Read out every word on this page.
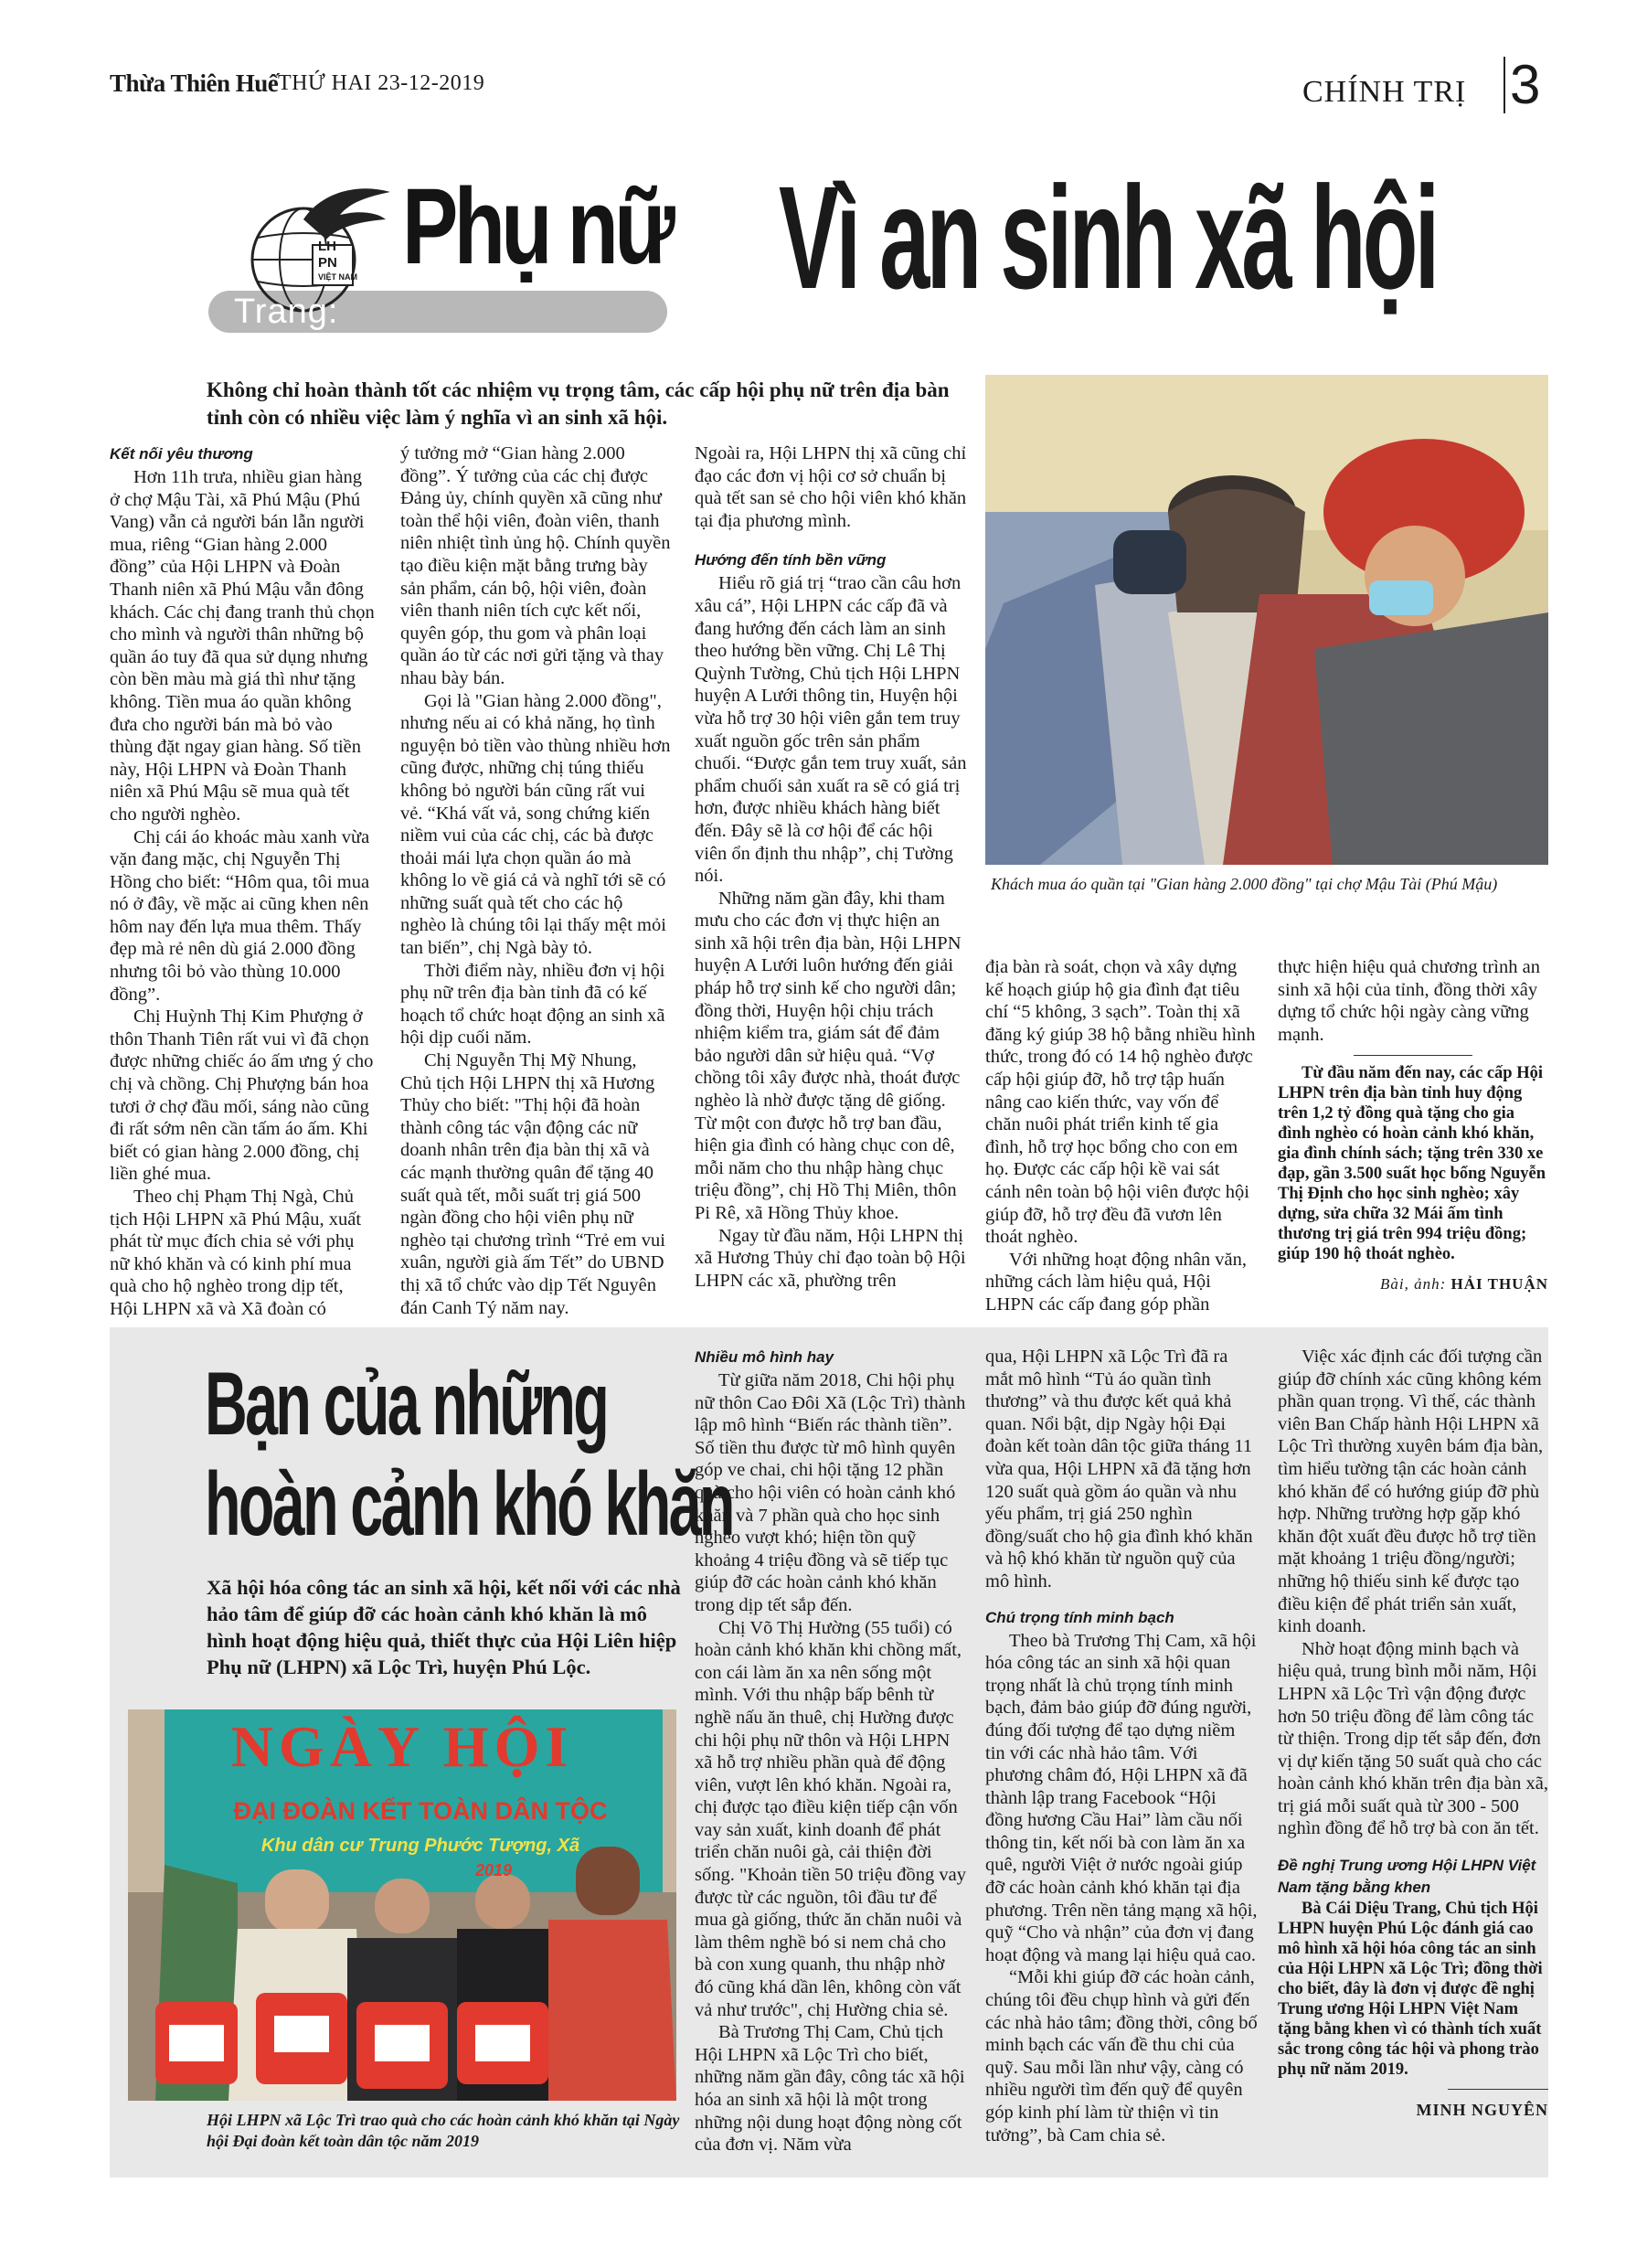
Thừa Thiên Huế THỨ HAI 23-12-2019	CHÍNH TRỊ 3
LH
PN
VIỆT NAM Phụ nữ
Trang:	Vì an sinh xã hội
Không chỉ hoàn thành tốt các nhiệm vụ trọng tâm, các cấp hội phụ nữ trên địa bàn tỉnh còn có nhiều việc làm ý nghĩa vì an sinh xã hội.
Khách mua áo quần tại "Gian hàng 2.000 đồng" tại chợ Mậu Tài (Phú Mậu)
Kết nối yêu thương

Hơn 11h trưa, nhiều gian hàng ở chợ Mậu Tài, xã Phú Mậu (Phú Vang) vẫn cả người bán lẫn người mua, riêng “Gian hàng 2.000 đồng” của Hội LHPN và Đoàn Thanh niên xã Phú Mậu vẫn đông khách. Các chị đang tranh thủ chọn cho mình và người thân những bộ quần áo tuy đã qua sử dụng nhưng còn bền màu mà giá thì như tặng không. Tiền mua áo quần không đưa cho người bán mà bỏ vào thùng đặt ngay gian hàng. Số tiền này, Hội LHPN và Đoàn Thanh niên xã Phú Mậu sẽ mua quà tết cho người nghèo.

Chị cái áo khoác màu xanh vừa vặn đang mặc, chị Nguyễn Thị Hồng cho biết: “Hôm qua, tôi mua nó ở đây, về mặc ai cũng khen nên hôm nay đến lựa mua thêm. Thấy đẹp mà rẻ nên dù giá 2.000 đồng nhưng tôi bỏ vào thùng 10.000 đồng”.

Chị Huỳnh Thị Kim Phượng ở thôn Thanh Tiên rất vui vì đã chọn được những chiếc áo ấm ưng ý cho chị và chồng. Chị Phượng bán hoa tươi ở chợ đầu mối, sáng nào cũng đi rất sớm nên cần tấm áo ấm. Khi biết có gian hàng 2.000 đồng, chị liền ghé mua.

Theo chị Phạm Thị Ngà, Chủ tịch Hội LHPN xã Phú Mậu, xuất phát từ mục đích chia sẻ với phụ nữ khó khăn và có kinh phí mua quà cho hộ nghèo trong dịp tết, Hội LHPN xã và Xã đoàn có

ý tưởng mở “Gian hàng 2.000 đồng”. Ý tưởng của các chị được Đảng ủy, chính quyền xã cũng như toàn thể hội viên, đoàn viên, thanh niên nhiệt tình ủng hộ. Chính quyền tạo điều kiện mặt bằng trưng bày sản phẩm, cán bộ, hội viên, đoàn viên thanh niên tích cực kết nối, quyên góp, thu gom và phân loại quần áo từ các nơi gửi tặng và thay nhau bày bán.

Gọi là "Gian hàng 2.000 đồng", nhưng nếu ai có khả năng, họ tình nguyện bỏ tiền vào thùng nhiều hơn cũng được, những chị túng thiếu không bỏ người bán cũng rất vui vẻ. “Khá vất vả, song chứng kiến niềm vui của các chị, các bà được thoải mái lựa chọn quần áo mà không lo về giá cả và nghĩ tới sẽ có những suất quà tết cho các hộ nghèo là chúng tôi lại thấy mệt mỏi tan biến”, chị Ngà bày tỏ.

Thời điểm này, nhiều đơn vị hội phụ nữ trên địa bàn tỉnh đã có kế hoạch tổ chức hoạt động an sinh xã hội dịp cuối năm.

Chị Nguyễn Thị Mỹ Nhung, Chủ tịch Hội LHPN thị xã Hương Thủy cho biết: "Thị hội đã hoàn thành công tác vận động các nữ doanh nhân trên địa bàn thị xã và các mạnh thường quân để tặng 40 suất quà tết, mỗi suất trị giá 500 ngàn đồng cho hội viên phụ nữ nghèo tại chương trình “Trẻ em vui xuân, người già ấm Tết” do UBND thị xã tổ chức vào dịp Tết Nguyên đán Canh Tý năm nay.

Ngoài ra, Hội LHPN thị xã cũng chỉ đạo các đơn vị hội cơ sở chuẩn bị quà tết san sẻ cho hội viên khó khăn tại địa phương mình.

Hướng đến tính bền vững

Hiểu rõ giá trị “trao cần câu hơn xâu cá”, Hội LHPN các cấp đã và đang hướng đến cách làm an sinh theo hướng bền vững. Chị Lê Thị Quỳnh Tường, Chủ tịch Hội LHPN huyện A Lưới thông tin, Huyện hội vừa hỗ trợ 30 hội viên gắn tem truy xuất nguồn gốc trên sản phẩm chuối. “Được gắn tem truy xuất, sản phẩm chuối sản xuất ra sẽ có giá trị hơn, được nhiều khách hàng biết đến. Đây sẽ là cơ hội để các hội viên ổn định thu nhập”, chị Tường nói.

Những năm gần đây, khi tham mưu cho các đơn vị thực hiện an sinh xã hội trên địa bàn, Hội LHPN huyện A Lưới luôn hướng đến giải pháp hỗ trợ sinh kế cho người dân; đồng thời, Huyện hội chịu trách nhiệm kiểm tra, giám sát để đảm bảo người dân sử hiệu quả. “Vợ chồng tôi xây được nhà, thoát được nghèo là nhờ được tặng dê giống. Từ một con được hỗ trợ ban đầu, hiện gia đình có hàng chục con dê, mỗi năm cho thu nhập hàng chục triệu đồng”, chị Hồ Thị Miên, thôn Pi Rê, xã Hồng Thủy khoe.

Ngay từ đầu năm, Hội LHPN thị xã Hương Thủy chỉ đạo toàn bộ Hội LHPN các xã, phường trên

địa bàn rà soát, chọn và xây dựng kế hoạch giúp hộ gia đình đạt tiêu chí “5 không, 3 sạch”. Toàn thị xã đăng ký giúp 38 hộ bằng nhiều hình thức, trong đó có 14 hộ nghèo được cấp hội giúp đỡ, hỗ trợ tập huấn nâng cao kiến thức, vay vốn để chăn nuôi phát triển kinh tế gia đình, hỗ trợ học bổng cho con em họ. Được các cấp hội kề vai sát cánh nên toàn bộ hội viên được hội giúp đỡ, hỗ trợ đều đã vươn lên thoát nghèo.

Với những hoạt động nhân văn, những cách làm hiệu quả, Hội LHPN các cấp đang góp phần

thực hiện hiệu quả chương trình an sinh xã hội của tỉnh, đồng thời xây dựng tổ chức hội ngày càng vững mạnh.

Từ đầu năm đến nay, các cấp Hội LHPN trên địa bàn tỉnh huy động trên 1,2 tỷ đồng quà tặng cho gia đình nghèo có hoàn cảnh khó khăn, gia đình chính sách; tặng trên 330 xe đạp, gần 3.500 suất học bổng Nguyễn Thị Định cho học sinh nghèo; xây dựng, sửa chữa 32 Mái ấm tình thương trị giá trên 994 triệu đồng; giúp 190 hộ thoát nghèo.

Bài, ảnh: HẢI THUẬN
Bạn của những
hoàn cảnh khó khăn
Xã hội hóa công tác an sinh xã hội, kết nối với các nhà hảo tâm để giúp đỡ các hoàn cảnh khó khăn là mô hình hoạt động hiệu quả, thiết thực của Hội Liên hiệp Phụ nữ (LHPN) xã Lộc Trì, huyện Phú Lộc.
NGÀY HỘI
ĐẠI ĐOÀN KẾT TOÀN DÂN TỘC
Khu dân cư Trung Phước Tượng, Xã
2019
Hội LHPN xã Lộc Trì trao quà cho các hoàn cảnh khó khăn tại Ngày hội Đại đoàn kết toàn dân tộc năm 2019
Nhiều mô hình hay

Từ giữa năm 2018, Chi hội phụ nữ thôn Cao Đôi Xã (Lộc Trì) thành lập mô hình “Biến rác thành tiền”. Số tiền thu được từ mô hình quyên góp ve chai, chi hội tặng 12 phần quà cho hội viên có hoàn cảnh khó khăn và 7 phần quà cho học sinh nghèo vượt khó; hiện tồn quỹ khoảng 4 triệu đồng và sẽ tiếp tục giúp đỡ các hoàn cảnh khó khăn trong dịp tết sắp đến.

Chị Võ Thị Hường (55 tuổi) có hoàn cảnh khó khăn khi chồng mất, con cái làm ăn xa nên sống một mình. Với thu nhập bấp bênh từ nghề nấu ăn thuê, chị Hường được chi hội phụ nữ thôn và Hội LHPN xã hỗ trợ nhiều phần quà để động viên, vượt lên khó khăn. Ngoài ra, chị được tạo điều kiện tiếp cận vốn vay sản xuất, kinh doanh để phát triển chăn nuôi gà, cải thiện đời sống. "Khoản tiền 50 triệu đồng vay được từ các nguồn, tôi đầu tư để mua gà giống, thức ăn chăn nuôi và làm thêm nghề bó si nem chả cho bà con xung quanh, thu nhập nhờ đó cũng khá dần lên, không còn vất vả như trước", chị Hường chia sẻ.

Bà Trương Thị Cam, Chủ tịch Hội LHPN xã Lộc Trì cho biết, những năm gần đây, công tác xã hội hóa an sinh xã hội là một trong những nội dung hoạt động nòng cốt của đơn vị. Năm vừa

qua, Hội LHPN xã Lộc Trì đã ra mắt mô hình “Tủ áo quần tình thương” và thu được kết quả khả quan. Nổi bật, dịp Ngày hội Đại đoàn kết toàn dân tộc giữa tháng 11 vừa qua, Hội LHPN xã đã tặng hơn 120 suất quà gồm áo quần và nhu yếu phẩm, trị giá 250 nghìn đồng/suất cho hộ gia đình khó khăn và hộ khó khăn từ nguồn quỹ của mô hình.

Chú trọng tính minh bạch

Theo bà Trương Thị Cam, xã hội hóa công tác an sinh xã hội quan trọng nhất là chủ trọng tính minh bạch, đảm bảo giúp đỡ đúng người, đúng đối tượng để tạo dựng niềm tin với các nhà hảo tâm. Với phương châm đó, Hội LHPN xã đã thành lập trang Facebook “Hội đồng hương Cầu Hai” làm cầu nối thông tin, kết nối bà con làm ăn xa quê, người Việt ở nước ngoài giúp đỡ các hoàn cảnh khó khăn tại địa phương. Trên nền tảng mạng xã hội, quỹ “Cho và nhận” của đơn vị đang hoạt động và mang lại hiệu quả cao.

“Mỗi khi giúp đỡ các hoàn cảnh, chúng tôi đều chụp hình và gửi đến các nhà hảo tâm; đồng thời, công bố minh bạch các vấn đề thu chi của quỹ. Sau mỗi lần như vậy, càng có nhiều người tìm đến quỹ để quyên góp kinh phí làm từ thiện vì tin tưởng”, bà Cam chia sẻ.

Việc xác định các đối tượng cần giúp đỡ chính xác cũng không kém phần quan trọng. Vì thế, các thành viên Ban Chấp hành Hội LHPN xã Lộc Trì thường xuyên bám địa bàn, tìm hiểu tường tận các hoàn cảnh khó khăn để có hướng giúp đỡ phù hợp. Những trường hợp gặp khó khăn đột xuất đều được hỗ trợ tiền mặt khoảng 1 triệu đồng/người; những hộ thiếu sinh kế được tạo điều kiện để phát triển sản xuất, kinh doanh.

Nhờ hoạt động minh bạch và hiệu quả, trung bình mỗi năm, Hội LHPN xã Lộc Trì vận động được hơn 50 triệu đồng để làm công tác từ thiện. Trong dịp tết sắp đến, đơn vị dự kiến tặng 50 suất quà cho các hoàn cảnh khó khăn trên địa bàn xã, trị giá mỗi suất quà từ 300 - 500 nghìn đồng để hỗ trợ bà con ăn tết.

Đề nghị Trung ương Hội LHPN Việt Nam tặng bằng khen

Bà Cái Diệu Trang, Chủ tịch Hội LHPN huyện Phú Lộc đánh giá cao mô hình xã hội hóa công tác an sinh của Hội LHPN xã Lộc Trì; đồng thời cho biết, đây là đơn vị được đề nghị Trung ương Hội LHPN Việt Nam tặng bằng khen vì có thành tích xuất sắc trong công tác hội và phong trào phụ nữ năm 2019.

MINH NGUYÊN
